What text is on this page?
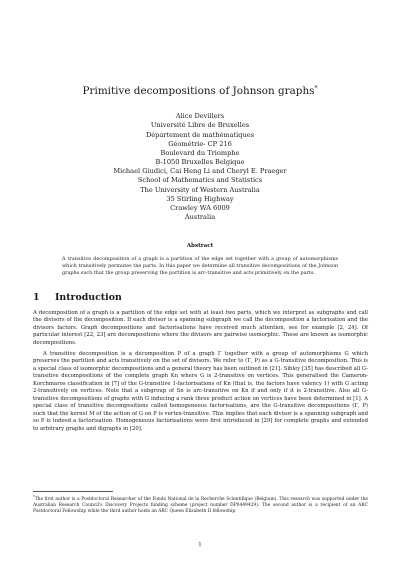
Primitive decompositions of Johnson graphs*
Alice Devillers
Université Libre de Bruxelles
Département de mathématiques
Géométrie- CP 216
Boulevard du Triomphe
B-1050 Bruxelles Belgique
Michael Giudici, Cai Heng Li and Cheryl E. Praeger
School of Mathematics and Statistics
The University of Western Australia
35 Stirling Highway
Crawley WA 6009
Australia
Abstract

A transitive decomposition of a graph is a partition of the edge set together with a group of automorphisms which transitively permutes the parts. In this paper we determine all transitive decompositions of the Johnson graphs such that the group preserving the partition is arc-transitive and acts primitively on the parts.

1 Introduction

A decomposition of a graph is a partition of the edge set with at least two parts, which we interpret as subgraphs and call the divisors of the decomposition. If each divisor is a spanning subgraph we call the decomposition a factorisation and the divisors factors. Graph decompositions and factorisations have received much attention, see for example [2, 24]. Of particular interest [22, 23] are decompositions where the divisors are pairwise isomorphic. These are known as isomorphic decompositions.

A transitive decomposition is a decomposition P of a graph Γ together with a group of automorphisms G which preserves the partition and acts transitively on the set of divisors. We refer to (Γ, P) as a G-transitive decomposition. This is a special class of isomorphic decompositions and a general theory has been outlined in [21]. Sibley [35] has described all G-transitive decompositions of the complete graph Kn where G is 2-transitive on vertices. This generalised the Cameron-Korchmaros classification in [7] of the G-transitive 1-factorisations of Kn (that is, the factors have valency 1) with G acting 2-transitively on vertices. Note that a subgroup of Sn is arc-transitive on Kn if and only if it is 2-transitive. Also all G-transitive decompositions of graphs with G inducing a rank three product action on vertices have been determined in [1]. A special class of transitive decompositions called homogeneous factorisations, are the G-transitive decompositions (Γ, P) such that the kernel M of the action of G on P is vertex-transitive. This implies that each divisor is a spanning subgraph and so P is indeed a factorisation. Homogeneous factorisations were first introduced in [29] for complete graphs and extended to arbitrary graphs and digraphs in [20].

*The first author is a Postdoctoral Researcher of the Fonds National de la Recherche Scientifique (Belgium). This research was supported under the Australian Research Council's Discovery Projects funding scheme (project number DP0449429). The second author is a recipient of an ARC Postdoctoral Fellowship while the third author holds an ARC Queen Elizabeth II fellowship.

1
